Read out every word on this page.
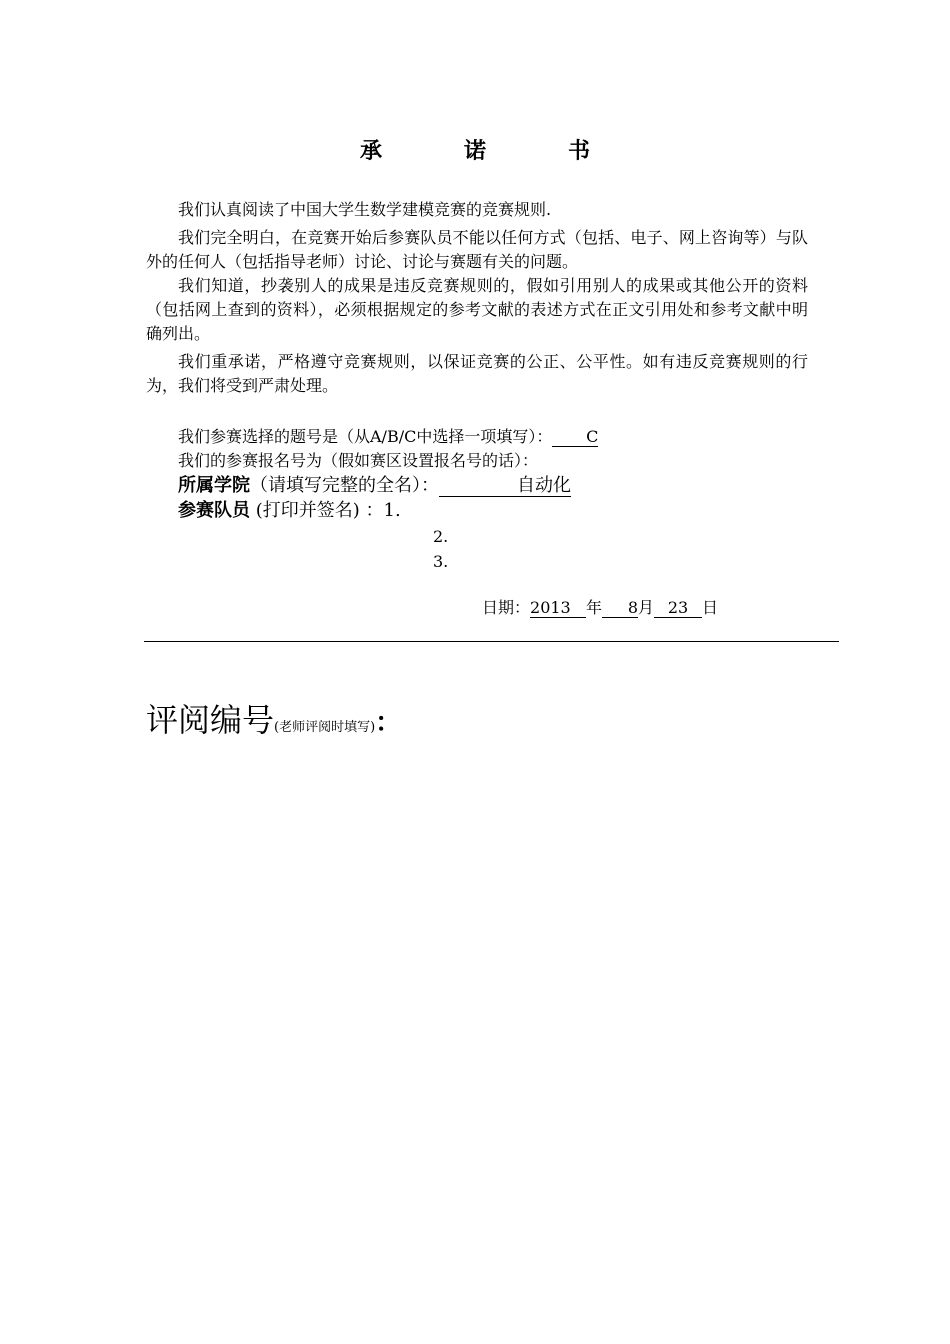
承　诺　书

我们认真阅读了中国大学生数学建模竞赛的竞赛规则.

我们完全明白，在竞赛开始后参赛队员不能以任何方式（包括、电子、网上咨询等）与队外的任何人（包括指导老师）讨论、讨论与赛题有关的问题。

我们知道，抄袭别人的成果是违反竞赛规则的，假如引用别人的成果或其他公开的资料（包括网上查到的资料），必须根据规定的参考文献的表述方式在正文引用处和参考文献中明确列出。

我们重承诺，严格遵守竞赛规则，以保证竞赛的公正、公平性。如有违反竞赛规则的行为，我们将受到严肃处理。

我们参赛选择的题号是（从A/B/C中选择一项填写）： C
我们的参赛报名号为（假如赛区设置报名号的话）：
所属学院（请填写完整的全名）：	自动化
参赛队员 (打印并签名) ：1.
2.
3.
日期：2013 年 8月 23 日
评阅编号(老师评阅时填写)：
